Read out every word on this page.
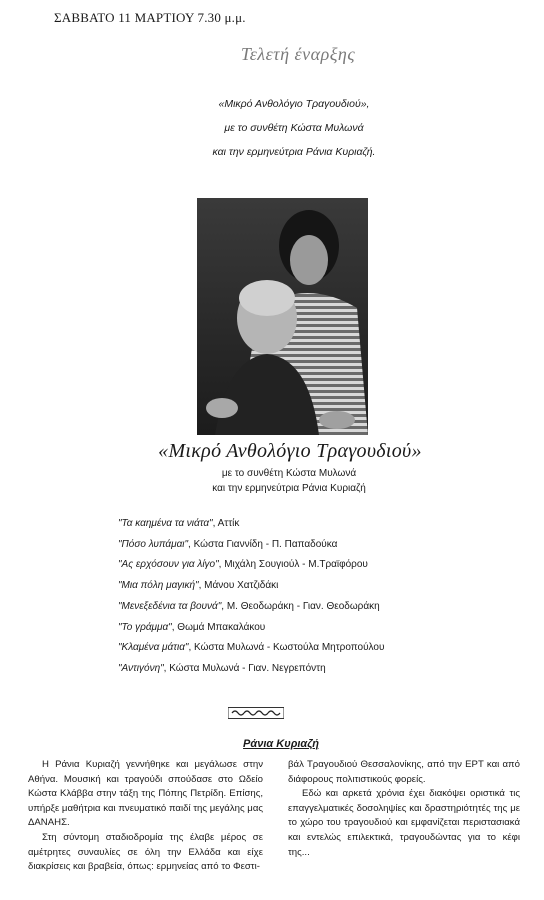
ΣΑΒΒΑΤΟ 11 ΜΑΡΤΙΟΥ 7.30 μ.μ.
Τελετή έναρξης
«Μικρό Ανθολόγιο Τραγουδιού»,
με το συνθέτη Κώστα Μυλωνά
και την ερμηνεύτρια Ράνια Κυριαζή.
«Μικρό Ανθολόγιο Τραγουδιού»
με το συνθέτη Κώστα Μυλωνά
και την ερμηνεύτρια Ράνια Κυριαζή
"Τα καημένα τα νιάτα", Αττίκ
"Πόσο λυπάμαι", Κώστα Γιαννίδη - Π. Παπαδούκα
"Ας ερχόσουν για λίγο", Μιχάλη Σουγιούλ - Μ.Τραϊφόρου
"Μια πόλη μαγική", Μάνου Χατζιδάκι
"Μενεξεδένια τα βουνά", Μ. Θεοδωράκη - Γιαν. Θεοδωράκη
"Το γράμμα", Θωμά Μπακαλάκου
"Κλαμένα μάτια", Κώστα Μυλωνά - Κωστούλα Μητροπούλου
"Αντιγόνη", Κώστα Μυλωνά - Γιαν. Νεγρεπόντη
Ράνια Κυριαζή

Η Ράνια Κυριαζή γεννήθηκε και μεγάλωσε στην Αθήνα. Μουσική και τραγούδι σπούδασε στο Ωδείο Κώστα Κλάββα στην τάξη της Πόπης Πετρίδη. Επίσης, υπήρξε μαθήτρια και πνευματικό παιδί της μεγάλης μας ΔΑΝΑΗΣ.

Στη σύντομη σταδιοδρομία της έλαβε μέρος σε αμέτρητες συναυλίες σε όλη την Ελλάδα και είχε διακρίσεις και βραβεία, όπως: ερμηνείας από το Φεστι-

βάλ Τραγουδιού Θεσσαλονίκης, από την ΕΡΤ και από διάφορους πολιτιστικούς φορείς.

Εδώ και αρκετά χρόνια έχει διακόψει οριστικά τις επαγγελματικές δοσοληψίες και δραστηριότητές της με το χώρο του τραγουδιού και εμφανίζεται περιστασιακά και εντελώς επιλεκτικά, τραγουδώντας για το κέφι της...
